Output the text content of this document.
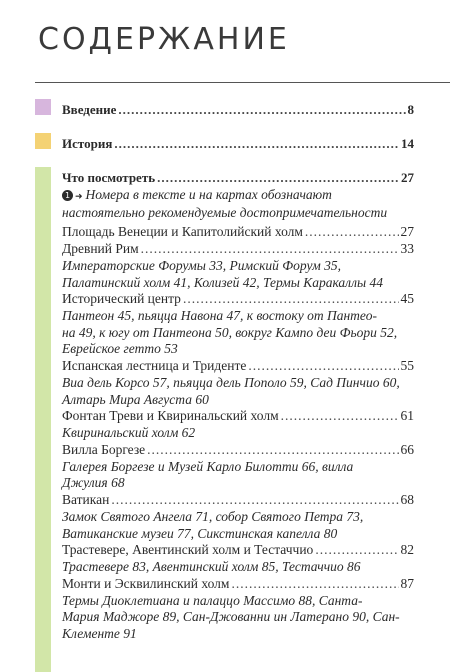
СОДЕРЖАНИЕ
Введение .....	8
История .....	14
Что посмотреть .....	27
1 ➜ Номера в тексте и на картах обозначают
настоятельно рекомендуемые достопримечательности
Площадь Венеции и Капитолийский холм .....	27
Древний Рим .....	33
Императорские Форумы 33, Римский Форум 35,
Палатинский холм 41, Колизей 42, Термы Каракаллы 44
Исторический центр .....	45
Пантеон 45, пьяцца Навона 47, к востоку от Пантео-
на 49, к югу от Пантеона 50, вокруг Кампо деи Фьори 52,
Еврейское гетто 53
Испанская лестница и Триденте .....	55
Виа дель Корсо 57, пьяцца дель Пополо 59, Сад Пинчио 60,
Алтарь Мира Августа 60
Фонтан Треви и Квиринальский холм .....	61
Квиринальский холм 62
Вилла Боргезе .....	66
Галерея Боргезе и Музей Карло Билотти 66, вилла
Джулия 68
Ватикан .....	68
Замок Святого Ангела 71, собор Святого Петра 73,
Ватиканские музеи 77, Сикстинская капелла 80
Трастевере, Авентинский холм и Тестаччио .....	82
Трастевере 83, Авентинский холм 85, Тестаччио 86
Монти и Эсквилинский холм .....	87
Термы Диоклетиана и палаццо Массимо 88, Санта-
Мария Маджоре 89, Сан-Джованни ин Латерано 90, Сан-
Клементе 91
